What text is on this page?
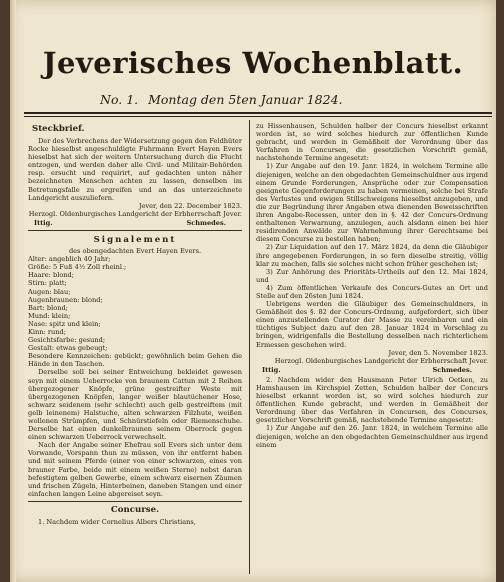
Jeverisches Wochenblatt.
No. 1. Montag den 5ten Januar 1824.
Steckbrief.

Der des Verbrechens der Widersetzung gegen den Feldhüter Rocke hieselbst angeschuldigte Fuhrmann Evert Hayen Evers hieselbst hat sich der weitern Untersuchung durch die Flucht entzogen, und werden daher alle Civil- und Militair-Behörden resp. ersucht und requirirt, auf gedachten unten näher bezeichneten Menschen achten zu lassen, denselben im Betretungsfalle zu ergreifen und an das unterzeichnete Landgericht auszuliefern.

Jever, den 22. December 1823.

Herzogl. Oldenburgisches Landgericht der Erbherrschaft Jever.

Ittig.	Schmedes.
Signalement

des obengedachten Evert Hayen Evers.

Alter: angeblich 40 Jahr;

Größe: 5 Fuß 4½ Zoll rheinl.;

Haare: blond;

Stirn: platt;

Augen: blau;

Augenbraunen: blond;

Bart: blond;

Mund: klein;

Nase: spitz und klein;

Kinn: rund;

Gesichtsfarbe: gesund;

Gestalt: etwas gebeugt;

Besondere Kennzeichen: gebückt; gewöhnlich beim Gehen die Hände in den Taschen.

Derselbe soll bei seiner Entweichung bekleidet gewesen seyn mit einem Ueberrocke von braunem Cattun mit 2 Reihen übergezogener Knöpfe, grüne gestreifter Weste mit übergezogenen Knöpfen, langer weißer blautüchener Hose, schwarz seidenem (sehr schlecht) auch gelb gestreiftem (mit gelb leinenem) Halstuche, alten schwarzen Filzhute, weißen wollenen Strümpfen, und Schnürstiefeln oder Riemenschuhe. Derselbe hat einen dunkelbraunen seinem Oberrock gegen einen schwarzen Ueberrock verwechselt.

Nach der Angabe seiner Ehefrau soll Evers sich unter dem Vorwande, Vorspann thun zu müssen, von ihr entfernt haben und mit seinem Pferde (einer von einer schwarzen, eines von brauner Farbe, beide mit einem weißen Sterne) nebst daran befestigtem gelben Gewerbe, einem schwarz eisernen Zäumen und frischen Zügeln, Hinterbeinen, daneben Stangen und einer einfachen langen Leine abgereiset seyn.

Concurse.

1. Nachdem wider Cornelius Albers Christians,

zu Hissenhausen, Schulden halber der Concurs hieselbst erkannt worden ist, so wird solches hiedurch zur öffentlichen Kunde gebracht, und werden in Gemäßheit der Verordnung über das Verfahren in Concursen, die gesetzlichen Vorschrift gemäß, nachstehende Termine angesetzt:

1) Zur Angabe auf den 19. Janr. 1824, in welchem Termine alle diejenigen, welche an den obgedachten Gemeinschuldner aus irgend einem Grunde Forderungen, Ansprüche oder zur Compensation geeignete Gegenforderungen zu haben vermeinen, solche bei Strafe des Verlustes und ewigen Stillschweigens hieselbst anzugeben, und die zur Begründung ihrer Angaben etwa dienenden Beweisschriften ihren Angabe-Recessen, unter den in §. 42 der Concurs-Ordnung enthaltenen Verwarnung, anzulegen, auch alsdann einen bei hier residirenden Anwälde zur Wahrnehmung ihrer Gerechtsame bei diesem Concurse zu bestellen haben;

2) Zur Liquidation auf den 17. März 1824, da denn die Gläubiger ihre angegebenen Forderungen, in so fern dieselbe streitig, völlig klar zu machen, falls sie solches nicht schon früher geschehen ist;

3) Zur Anhörung des Prioritäts-Urtheils auf den 12. Mai 1824, und

4) Zum öffentlichen Verkaufe des Concurs-Gutes an Ort und Stelle auf den 26sten Juni 1824.

Uebrigens werden die Gläubiger des Gemeinschuldners, in Gemäßheit des §. 82 der Concurs-Ordnung, aufgefordert, sich über einen anzustellenden Curator der Masse zu vereinbaren und ein tüchtiges Subject dazu auf den 28. Januar 1824 in Vorschlag zu bringen, widrigenfalls die Bestellung desselben nach richterlichem Ermessen geschehen wird.

Jever, den 5. November 1823.

Herzogl. Oldenburgisches Landgericht der Erbherrschaft Jever.

Ittig.	Schmedes.

2. Nachdem wider den Hausmann Peter Ulrich Oetken, zu Hamshausen im Kirchspiel Zetten, Schulden halber der Concurs hieselbst erkannt worden ist, so wird solches hiedurch zur öffentlichen Kunde gebracht, und werden in Gemäßheit der Verordnung über das Verfahren in Concursen, des Concurses, gesetzlicher Vorschrift gemäß, nachstehende Termine angesetzt:

1) Zur Angabe auf den 26. Janr. 1824, in welchem Termine alle diejenigen, welche an den obgedachten Gemeinschuldner aus irgend einem
